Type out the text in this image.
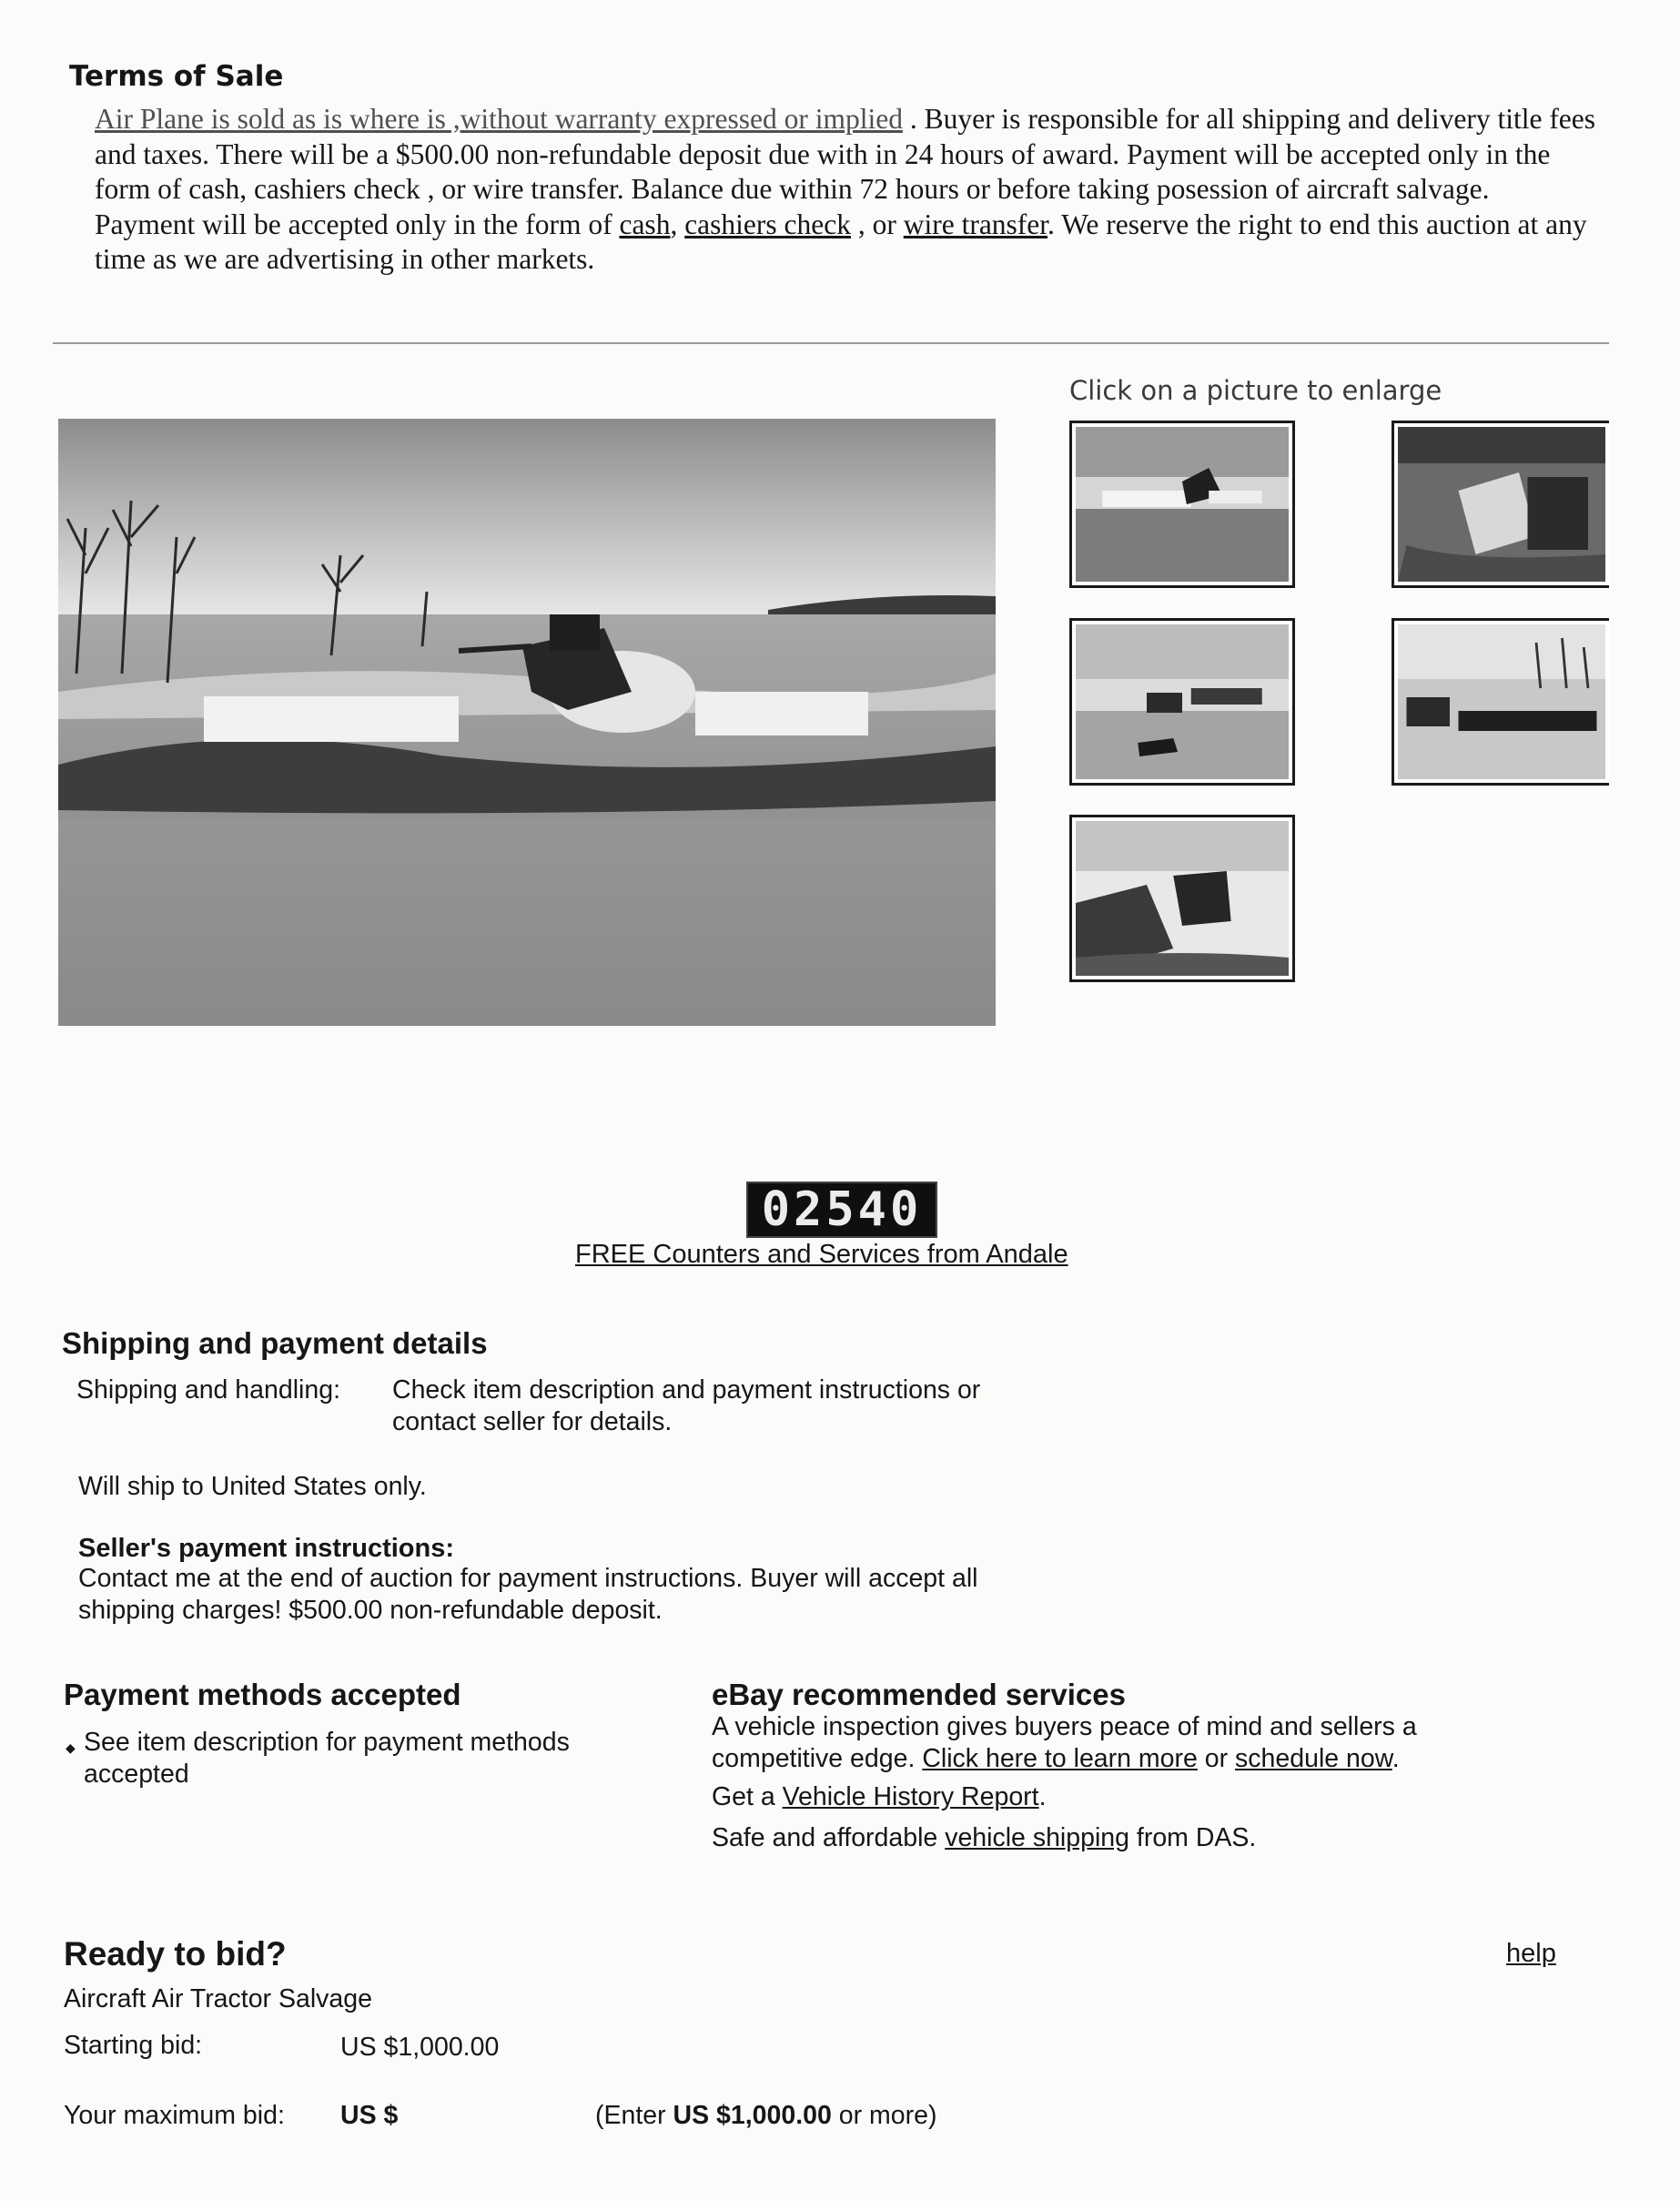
Terms of Sale
Air Plane is sold as is where is ,without warranty expressed or implied . Buyer is responsible for all shipping and delivery title fees and taxes. There will be a $500.00 non-refundable deposit due with in 24 hours of award. Payment will be accepted only in the form of cash, cashiers check , or wire transfer. Balance due within 72 hours or before taking posession of aircraft salvage. Payment will be accepted only in the form of cash, cashiers check , or wire transfer. We reserve the right to end this auction at any time as we are advertising in other markets.
Click on a picture to enlarge
02540
FREE Counters and Services from Andale
Shipping and payment details
Shipping and handling: Check item description and payment instructions or contact seller for details.
Will ship to United States only.
Seller's payment instructions:
Contact me at the end of auction for payment instructions. Buyer will accept all shipping charges! $500.00 non-refundable deposit.
Payment methods accepted
◆ See item description for payment methods accepted
eBay recommended services
A vehicle inspection gives buyers peace of mind and sellers a competitive edge. Click here to learn more or schedule now.
Get a Vehicle History Report.
Safe and affordable vehicle shipping from DAS.
Ready to bid?	help
Aircraft Air Tractor Salvage
Starting bid:	US $1,000.00
Your maximum bid: US $	(Enter US $1,000.00 or more)
